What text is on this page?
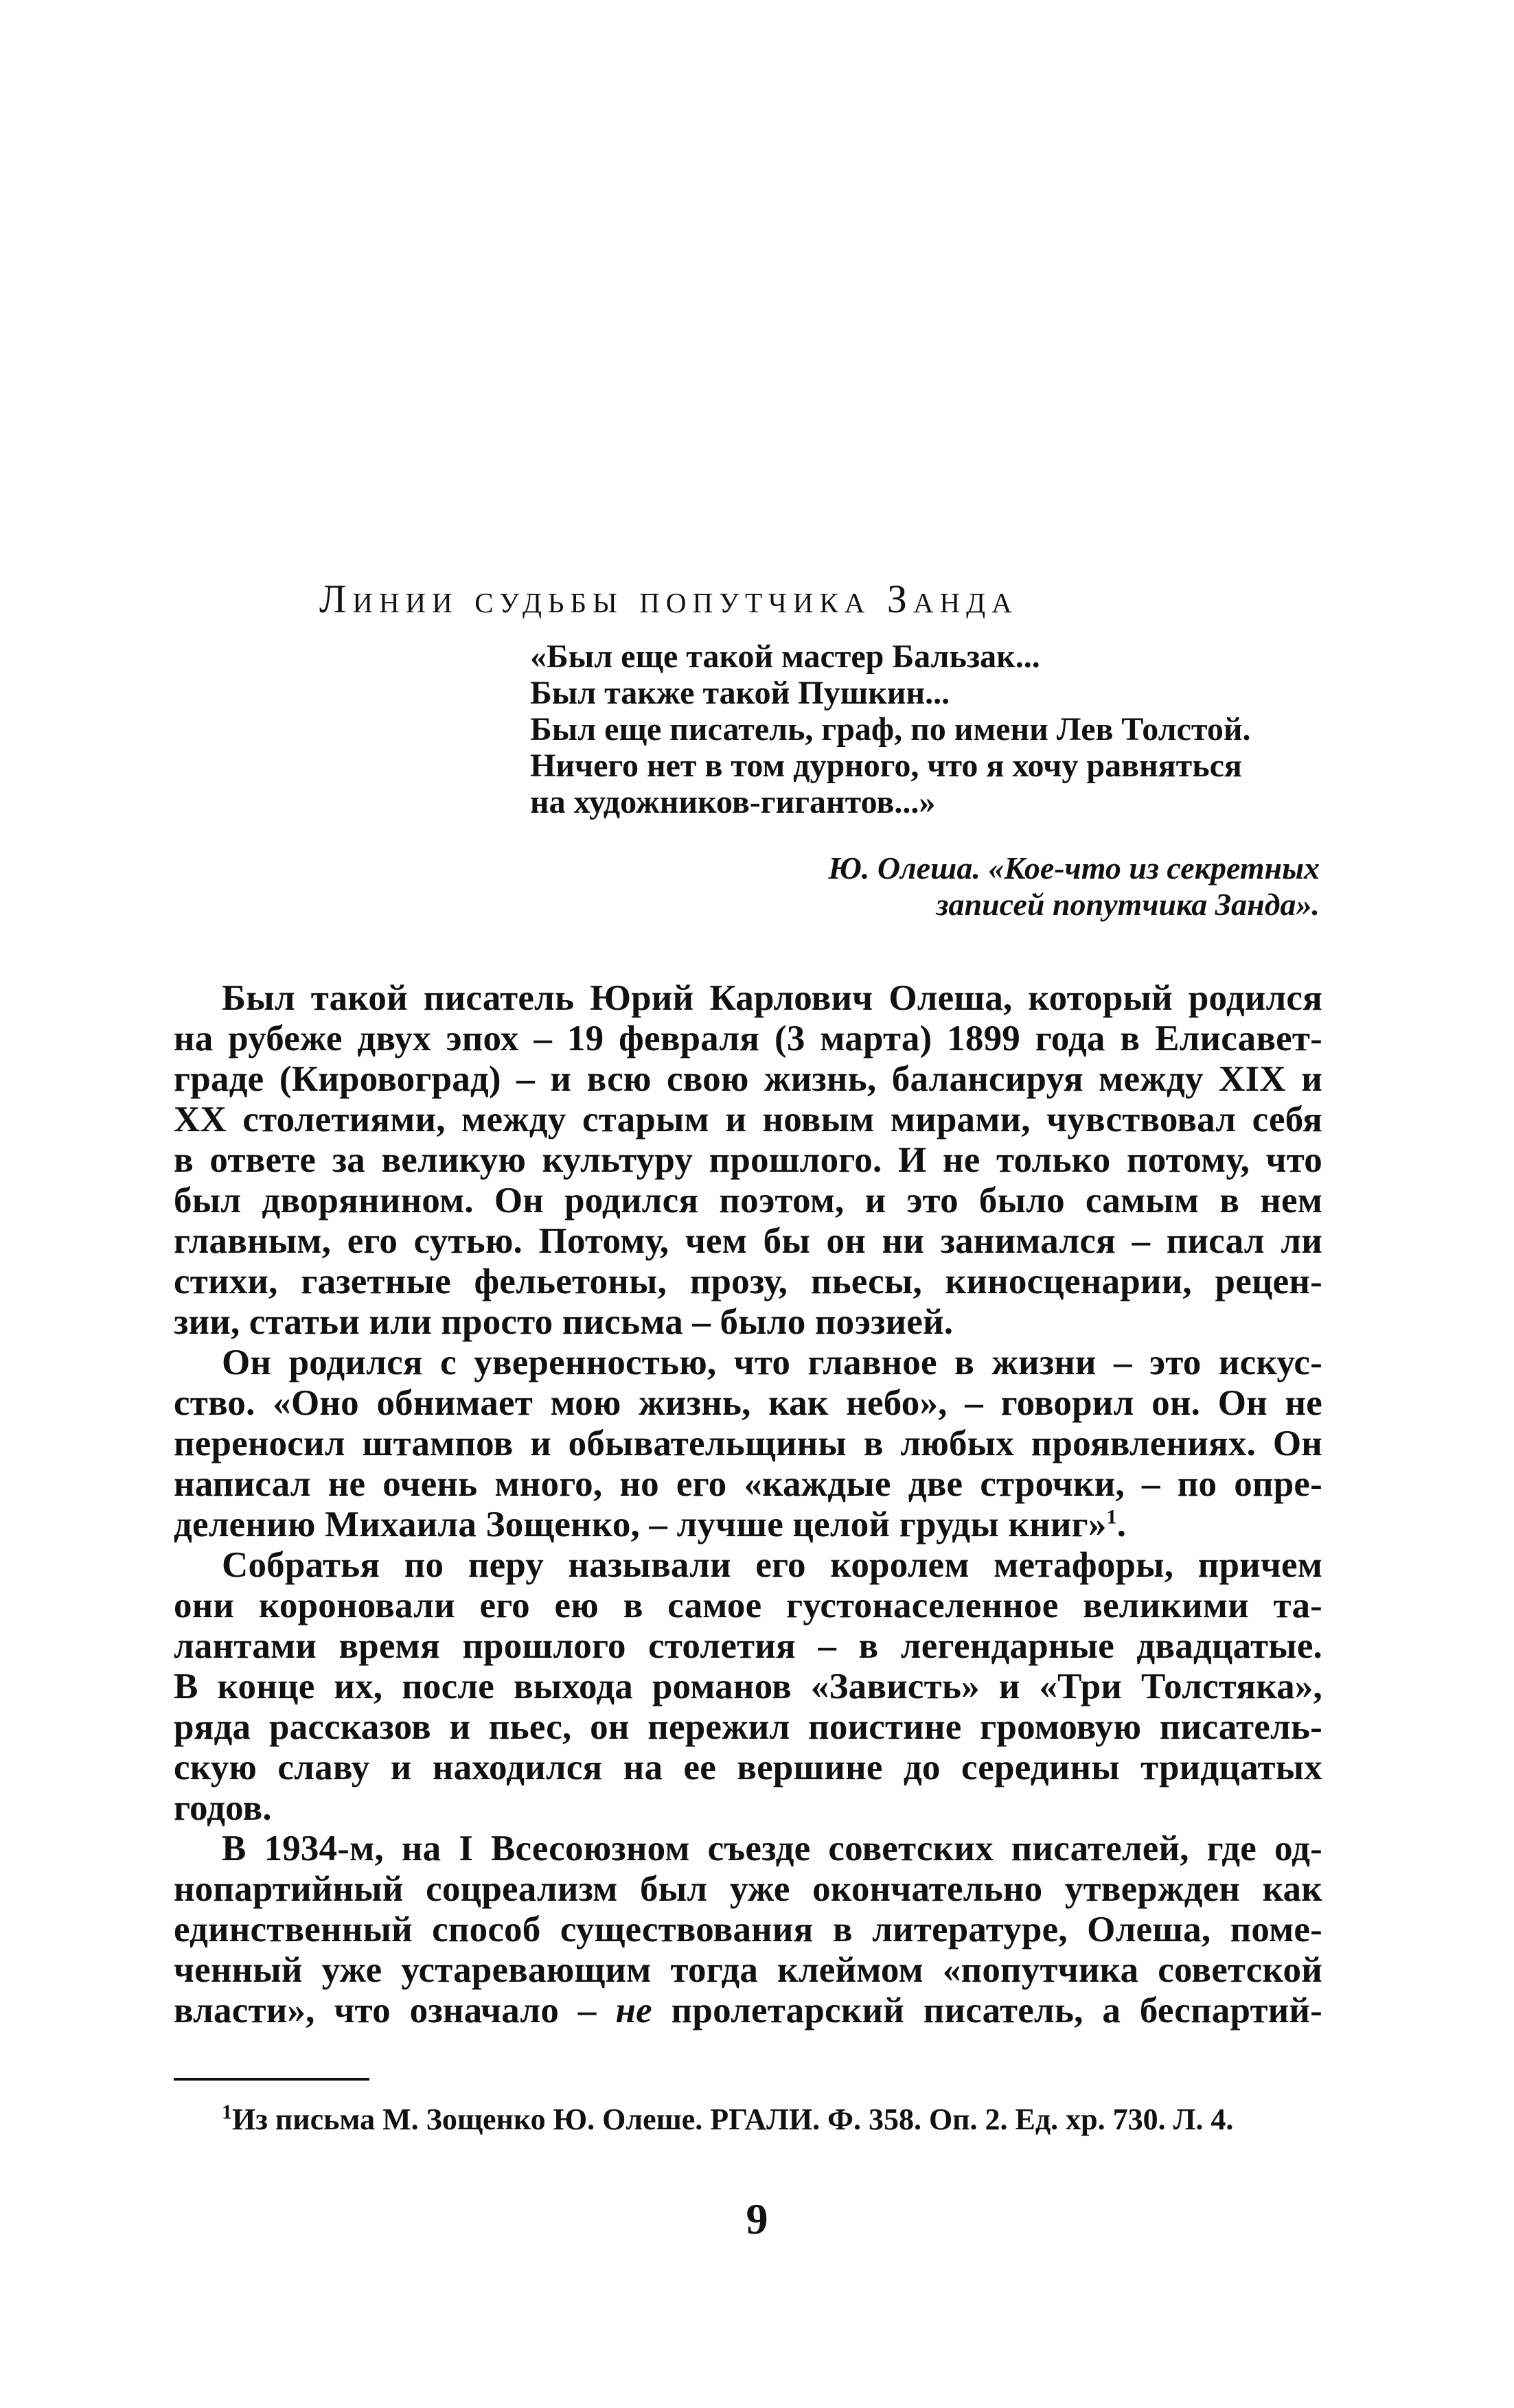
Линии судьбы попутчика Занда
«Был еще такой мастер Бальзак...
Был также такой Пушкин...
Был еще писатель, граф, по имени Лев Толстой.
Ничего нет в том дурного, что я хочу равняться
на художников-гигантов...»
Ю. Олеша. «Кое-что из секретных
записей попутчика Занда».
Был такой писатель Юрий Карлович Олеша, который родился
на рубеже двух эпох – 19 февраля (3 марта) 1899 года в Елисавет-
граде (Кировоград) – и всю свою жизнь, балансируя между XIX и
XX столетиями, между старым и новым мирами, чувствовал себя
в ответе за великую культуру прошлого. И не только потому, что
был дворянином. Он родился поэтом, и это было самым в нем
главным, его сутью. Потому, чем бы он ни занимался – писал ли
стихи, газетные фельетоны, прозу, пьесы, киносценарии, рецен-
зии, статьи или просто письма – было поэзией.
Он родился с уверенностью, что главное в жизни – это искус-
ство. «Оно обнимает мою жизнь, как небо», – говорил он. Он не
переносил штампов и обывательщины в любых проявлениях. Он
написал не очень много, но его «каждые две строчки, – по опре-
делению Михаила Зощенко, – лучше целой груды книг»$^1$.
Собратья по перу называли его королем метафоры, причем
они короновали его ею в самое густонаселенное великими та-
лантами время прошлого столетия – в легендарные двадцатые.
В конце их, после выхода романов «Зависть» и «Три Толстяка»,
ряда рассказов и пьес, он пережил поистине громовую писатель-
скую славу и находился на ее вершине до середины тридцатых
годов.
В 1934-м, на I Всесоюзном съезде советских писателей, где од-
нопартийный соцреализм был уже окончательно утвержден как
единственный способ существования в литературе, Олеша, поме-
ченный уже устаревающим тогда клеймом «попутчика советской
власти», что означало – не пролетарский писатель, а беспартий-
$^1$Из письма М. Зощенко Ю. Олеше. РГАЛИ. Ф. 358. Оп. 2. Ед. хр. 730. Л. 4.
9
